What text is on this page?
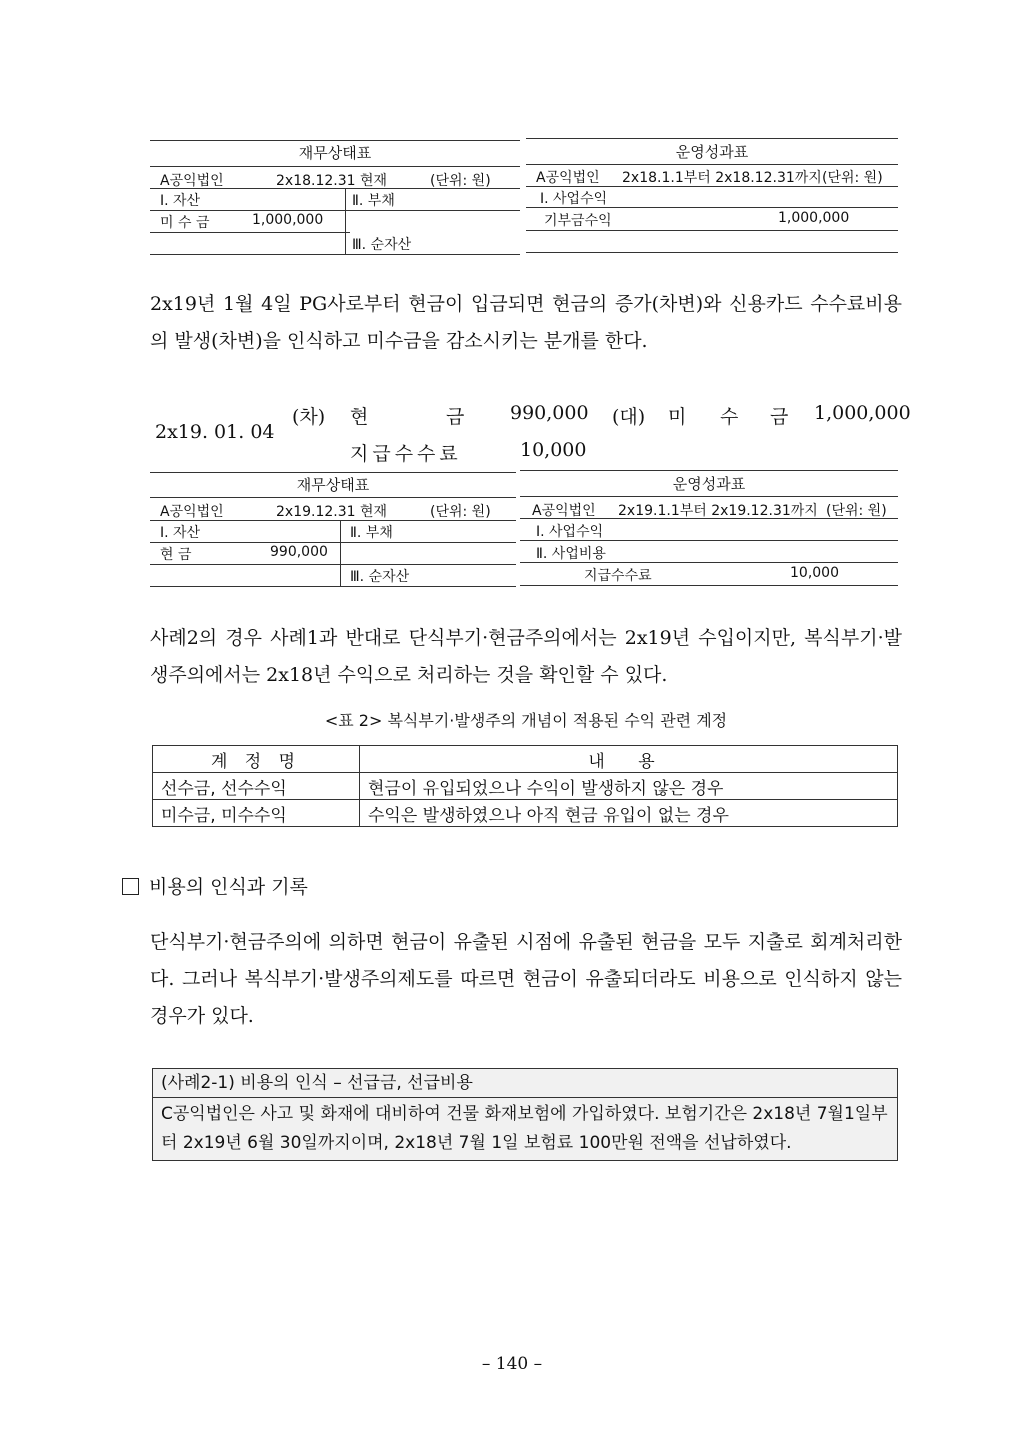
재무상태표
A공익법인	2x18.12.31 현재	(단위: 원)
Ⅰ. 자산	Ⅱ. 부채
미 수 금	1,000,000
Ⅲ. 순자산
운영성과표
A공익법인 2x18.1.1부터 2x18.12.31까지 (단위: 원)
Ⅰ. 사업수익
기부금수익	1,000,000
2x19년 1월 4일 PG사로부터 현금이 입금되면 현금의 증가(차변)와 신용카드 수수료비용의 발생(차변)을 인식하고 미수금을 감소시키는 분개를 한다.
2x19. 01. 04
(차) 현	금 990,000 (대) 미 수 금 1,000,000
지급수수료	10,000
재무상태표
A공익법인	2x19.12.31 현재	(단위: 원)
Ⅰ. 자산	Ⅱ. 부채
현 금	990,000
Ⅲ. 순자산
운영성과표
A공익법인 2x19.1.1부터 2x19.12.31까지 (단위: 원)
Ⅰ. 사업수익
Ⅱ. 사업비용
지급수수료	10,000
사례2의 경우 사례1과 반대로 단식부기·현금주의에서는 2x19년 수입이지만, 복식부기·발생주의에서는 2x18년 수익으로 처리하는 것을 확인할 수 있다.
<표 2> 복식부기·발생주의 개념이 적용된 수익 관련 계정
계 정 명	내 용
선수금, 선수수익	현금이 유입되었으나 수익이 발생하지 않은 경우
미수금, 미수수익	수익은 발생하였으나 아직 현금 유입이 없는 경우
비용의 인식과 기록
단식부기·현금주의에 의하면 현금이 유출된 시점에 유출된 현금을 모두 지출로 회계처리한다. 그러나 복식부기·발생주의제도를 따르면 현금이 유출되더라도 비용으로 인식하지 않는 경우가 있다.
(사례2-1) 비용의 인식 – 선급금, 선급비용
C공익법인은 사고 및 화재에 대비하여 건물 화재보험에 가입하였다. 보험기간은 2x18년 7월1일부터 2x19년 6월 30일까지이며, 2x18년 7월 1일 보험료 100만원 전액을 선납하였다.
– 140 –
